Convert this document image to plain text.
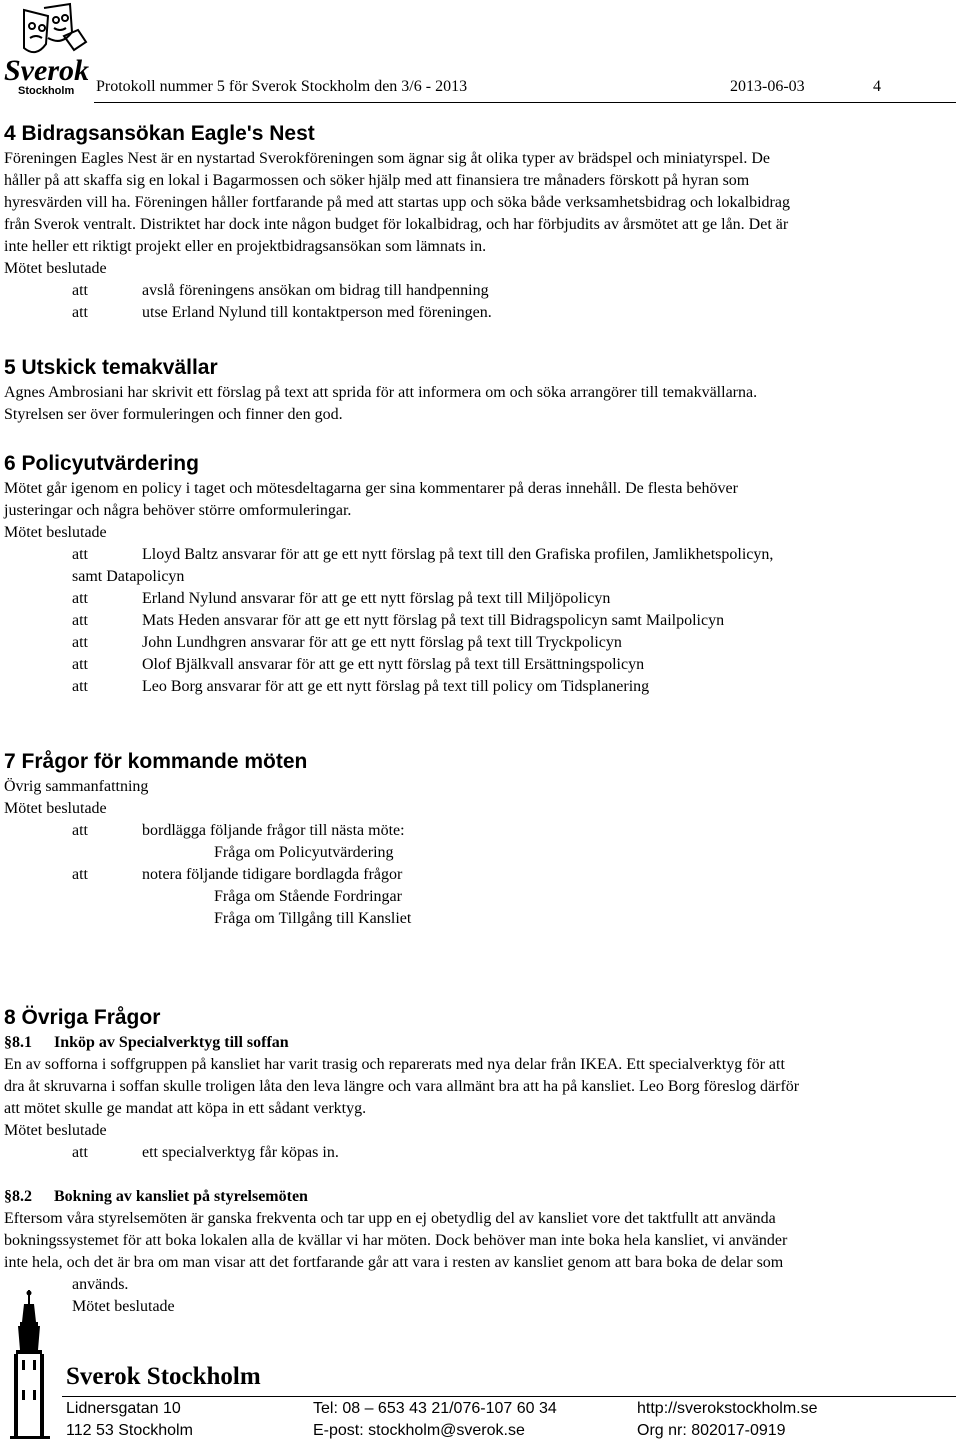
Sverok
Stockholm Protokoll nummer 5 för Sverok Stockholm den 3/6 - 2013	2013-06-03	4
4 Bidragsansökan Eagle's Nest

Föreningen Eagles Nest är en nystartad Sverokföreningen som ägnar sig åt olika typer av brädspel och miniatyrspel. De
håller på att skaffa sig en lokal i Bagarmossen och söker hjälp med att finansiera tre månaders förskott på hyran som
hyresvärden vill ha. Föreningen håller fortfarande på med att startas upp och söka både verksamhetsbidrag och lokalbidrag
från Sverok ventralt. Distriktet har dock inte någon budget för lokalbidrag, och har förbjudits av årsmötet att ge lån. Det är
inte heller ett riktigt projekt eller en projektbidragsansökan som lämnats in.

Mötet beslutade
att	avslå föreningens ansökan om bidrag till handpenning
att	utse Erland Nylund till kontaktperson med föreningen.
5 Utskick temakvällar
Agnes Ambrosiani har skrivit ett förslag på text att sprida för att informera om och söka arrangörer till temakvällarna.
Styrelsen ser över formuleringen och finner den god.
6 Policyutvärdering
Mötet går igenom en policy i taget och mötesdeltagarna ger sina kommentarer på deras innehåll. De flesta behöver
justeringar och några behöver större omformuleringar.
Mötet beslutade
att	Lloyd Baltz ansvarar för att ge ett nytt förslag på text till den Grafiska profilen, Jamlikhetspolicyn,
samt Datapolicyn
att	Erland Nylund ansvarar för att ge ett nytt förslag på text till Miljöpolicyn
att	Mats Heden ansvarar för att ge ett nytt förslag på text till Bidragspolicyn samt Mailpolicyn
att	John Lundhgren ansvarar för att ge ett nytt förslag på text till Tryckpolicyn
att	Olof Bjälkvall ansvarar för att ge ett nytt förslag på text till Ersättningspolicyn
att	Leo Borg ansvarar för att ge ett nytt förslag på text till policy om Tidsplanering
7 Frågor för kommande möten
Övrig sammanfattning
Mötet beslutade
att	bordlägga följande frågor till nästa möte:
Fråga om Policyutvärdering
att	notera följande tidigare bordlagda frågor
Fråga om Stående Fordringar
Fråga om Tillgång till Kansliet
8 Övriga Frågor

§8.1 Inköp av Specialverktyg till soffan

En av sofforna i soffgruppen på kansliet har varit trasig och reparerats med nya delar från IKEA. Ett specialverktyg för att
dra åt skruvarna i soffan skulle troligen låta den leva längre och vara allmänt bra att ha på kansliet. Leo Borg föreslog därför
att mötet skulle ge mandat att köpa in ett sådant verktyg.
Mötet beslutade
att	ett specialverktyg får köpas in.

§8.2 Bokning av kansliet på styrelsemöten

Eftersom våra styrelsemöten är ganska frekventa och tar upp en ej obetydlig del av kansliet vore det taktfullt att använda
bokningssystemet för att boka lokalen alla de kvällar vi har möten. Dock behöver man inte boka hela kansliet, vi använder
inte hela, och det är bra om man visar att det fortfarande går att vara i resten av kansliet genom att bara boka de delar som
används.
Mötet beslutade
Sverok Stockholm
Lidnersgatan 10
112 53 Stockholm
Tel: 08 – 653 43 21/076-107 60 34
E-post: stockholm@sverok.se
http://sverokstockholm.se
Org nr: 802017-0919
